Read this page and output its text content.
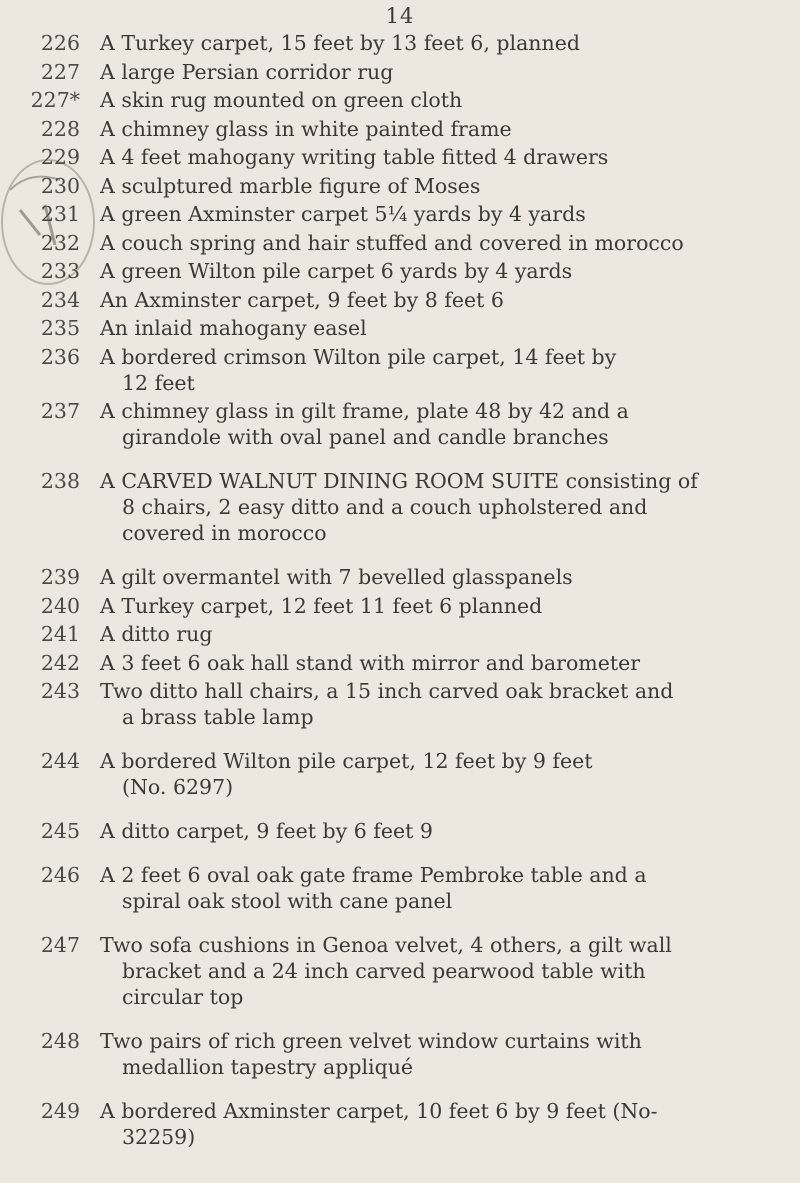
14
226 A Turkey carpet, 15 feet by 13 feet 6, planned
227 A large Persian corridor rug
227* A skin rug mounted on green cloth
228 A chimney glass in white painted frame
229 A 4 feet mahogany writing table fitted 4 drawers
230 A sculptured marble figure of Moses
231 A green Axminster carpet 5¼ yards by 4 yards
232 A couch spring and hair stuffed and covered in morocco
233 A green Wilton pile carpet 6 yards by 4 yards
234 An Axminster carpet, 9 feet by 8 feet 6
235 An inlaid mahogany easel
236 A bordered crimson Wilton pile carpet, 14 feet by
12 feet
237 A chimney glass in gilt frame, plate 48 by 42 and a
girandole with oval panel and candle branches
238 A CARVED WALNUT DINING ROOM SUITE consisting of
8 chairs, 2 easy ditto and a couch upholstered and
covered in morocco
239 A gilt overmantel with 7 bevelled glasspanels
240 A Turkey carpet, 12 feet 11 feet 6 planned
241 A ditto rug
242 A 3 feet 6 oak hall stand with mirror and barometer
243 Two ditto hall chairs, a 15 inch carved oak bracket and
a brass table lamp
244 A bordered Wilton pile carpet, 12 feet by 9 feet
(No. 6297)
245 A ditto carpet, 9 feet by 6 feet 9
246 A 2 feet 6 oval oak gate frame Pembroke table and a
spiral oak stool with cane panel
247 Two sofa cushions in Genoa velvet, 4 others, a gilt wall
bracket and a 24 inch carved pearwood table with
circular top
248 Two pairs of rich green velvet window curtains with
medallion tapestry appliqué
249 A bordered Axminster carpet, 10 feet 6 by 9 feet (No-
32259)
